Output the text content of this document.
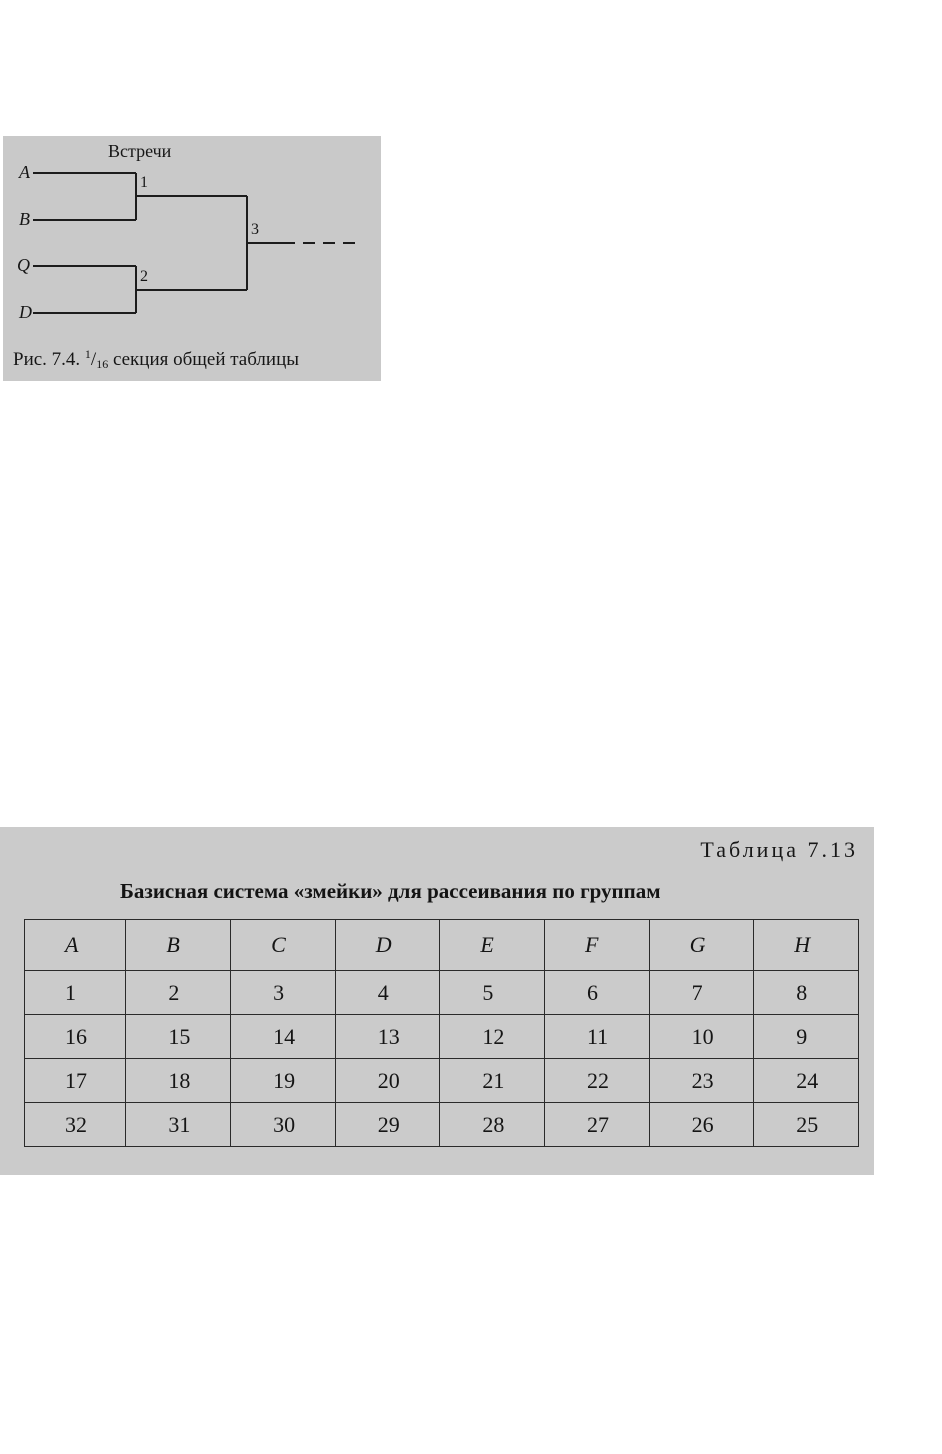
Встречи
A
B
Q
D
1
2
3
Рис. 7.4. $^1$/16 секция общей таблицы
Таблица 7.13
Базисная система «змейки» для рассеивания по группам
A	B	C	D	E	F	G	H
1	2	3	4	5	6	7	8
16	15	14	13	12	11	10	9
17	18	19	20	21	22	23	24
32	31	30	29	28	27	26	25
